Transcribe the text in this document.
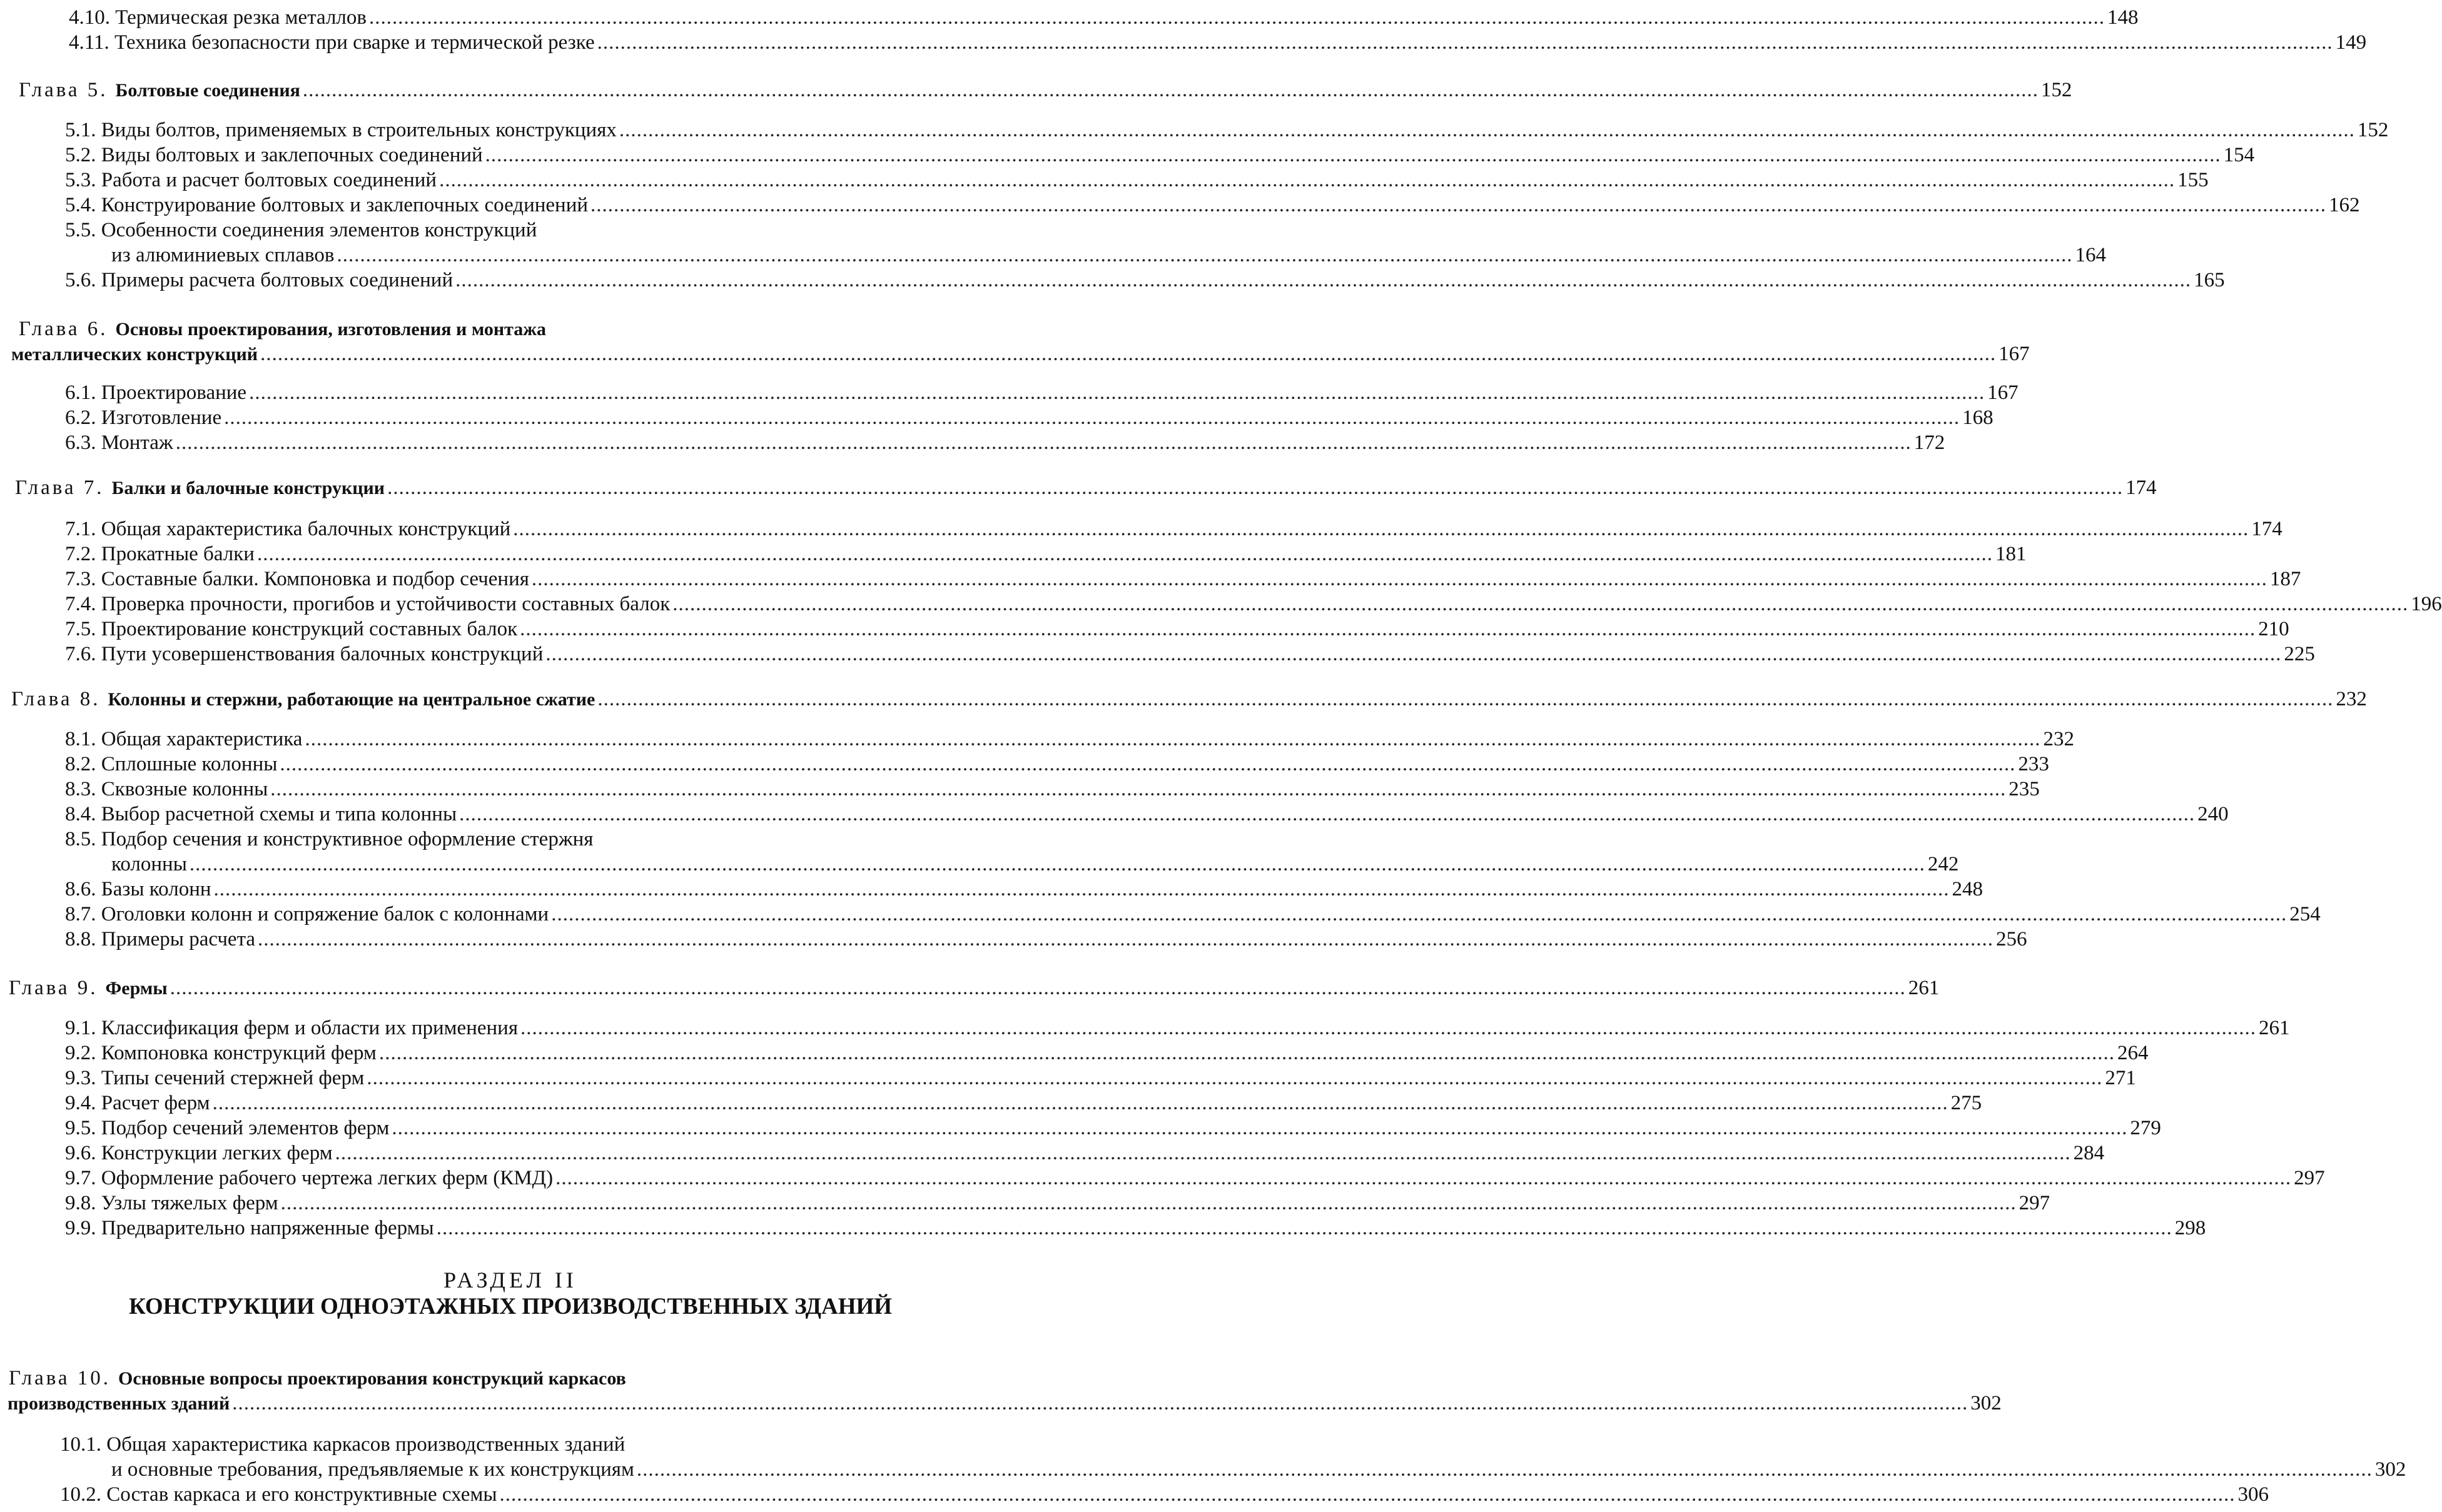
4.10. Термическая резка металлов ............................................................................................................................................................................................................................................................................................................ 148
4.11. Техника безопасности при сварке и термической резке ............................................................................................................................................................................................................................................................................................................ 149
Глава 5. Болтовые соединения ............................................................................................................................................................................................................................................................................................................ 152
5.1. Виды болтов, применяемых в строительных конструкциях ............................................................................................................................................................................................................................................................................................................ 152
5.2. Виды болтовых и заклепочных соединений ............................................................................................................................................................................................................................................................................................................ 154
5.3. Работа и расчет болтовых соединений ............................................................................................................................................................................................................................................................................................................ 155
5.4. Конструирование болтовых и заклепочных соединений ............................................................................................................................................................................................................................................................................................................ 162
5.5. Особенности соединения элементов конструкций
из алюминиевых сплавов ............................................................................................................................................................................................................................................................................................................ 164
5.6. Примеры расчета болтовых соединений ............................................................................................................................................................................................................................................................................................................ 165
Глава 6. Основы проектирования, изготовления и монтажа
металлических конструкций ............................................................................................................................................................................................................................................................................................................ 167
6.1. Проектирование ............................................................................................................................................................................................................................................................................................................ 167
6.2. Изготовление ............................................................................................................................................................................................................................................................................................................ 168
6.3. Монтаж ............................................................................................................................................................................................................................................................................................................ 172
Глава 7. Балки и балочные конструкции ............................................................................................................................................................................................................................................................................................................ 174
7.1. Общая характеристика балочных конструкций ............................................................................................................................................................................................................................................................................................................ 174
7.2. Прокатные балки ............................................................................................................................................................................................................................................................................................................ 181
7.3. Составные балки. Компоновка и подбор сечения ............................................................................................................................................................................................................................................................................................................ 187
7.4. Проверка прочности, прогибов и устойчивости составных балок ............................................................................................................................................................................................................................................................................................................ 196
7.5. Проектирование конструкций составных балок ............................................................................................................................................................................................................................................................................................................ 210
7.6. Пути усовершенствования балочных конструкций ............................................................................................................................................................................................................................................................................................................ 225
Глава 8. Колонны и стержни, работающие на центральное сжатие ............................................................................................................................................................................................................................................................................................................ 232
8.1. Общая характеристика ............................................................................................................................................................................................................................................................................................................ 232
8.2. Сплошные колонны ............................................................................................................................................................................................................................................................................................................ 233
8.3. Сквозные колонны ............................................................................................................................................................................................................................................................................................................ 235
8.4. Выбор расчетной схемы и типа колонны ............................................................................................................................................................................................................................................................................................................ 240
8.5. Подбор сечения и конструктивное оформление стержня
колонны ............................................................................................................................................................................................................................................................................................................ 242
8.6. Базы колонн ............................................................................................................................................................................................................................................................................................................ 248
8.7. Оголовки колонн и сопряжение балок с колоннами ............................................................................................................................................................................................................................................................................................................ 254
8.8. Примеры расчета ............................................................................................................................................................................................................................................................................................................ 256
Глава 9. Фермы ............................................................................................................................................................................................................................................................................................................ 261
9.1. Классификация ферм и области их применения ............................................................................................................................................................................................................................................................................................................ 261
9.2. Компоновка конструкций ферм ............................................................................................................................................................................................................................................................................................................ 264
9.3. Типы сечений стержней ферм ............................................................................................................................................................................................................................................................................................................ 271
9.4. Расчет ферм ............................................................................................................................................................................................................................................................................................................ 275
9.5. Подбор сечений элементов ферм ............................................................................................................................................................................................................................................................................................................ 279
9.6. Конструкции легких ферм ............................................................................................................................................................................................................................................................................................................ 284
9.7. Оформление рабочего чертежа легких ферм (КМД) ............................................................................................................................................................................................................................................................................................................ 297
9.8. Узлы тяжелых ферм ............................................................................................................................................................................................................................................................................................................ 297
9.9. Предварительно напряженные фермы ............................................................................................................................................................................................................................................................................................................ 298
РАЗДЕЛ II
КОНСТРУКЦИИ ОДНОЭТАЖНЫХ ПРОИЗВОДСТВЕННЫХ ЗДАНИЙ
Глава 10. Основные вопросы проектирования конструкций каркасов
производственных зданий ............................................................................................................................................................................................................................................................................................................ 302
10.1. Общая характеристика каркасов производственных зданий
и основные требования, предъявляемые к их конструкциям ............................................................................................................................................................................................................................................................................................................ 302
10.2. Состав каркаса и его конструктивные схемы ............................................................................................................................................................................................................................................................................................................ 306
